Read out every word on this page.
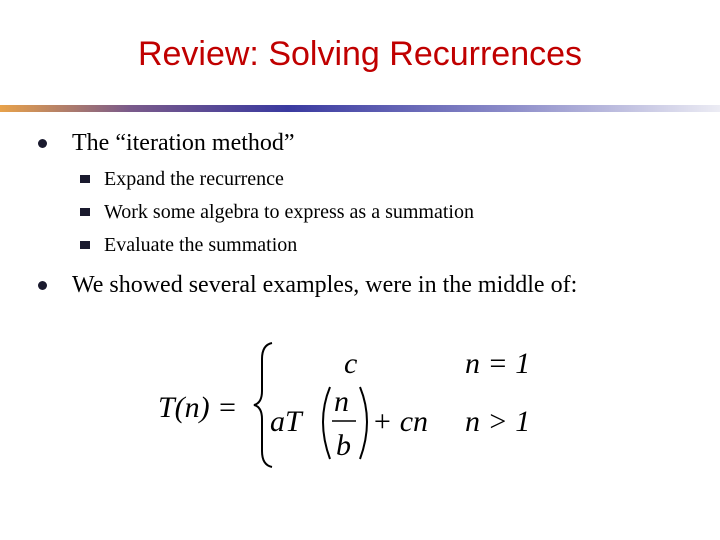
Review: Solving Recurrences
The “iteration method”
Expand the recurrence
Work some algebra to express as a summation
Evaluate the summation
We showed several examples, were in the middle of:
T(n) =
c	n = 1
aT
n
b
+ cn n > 1
